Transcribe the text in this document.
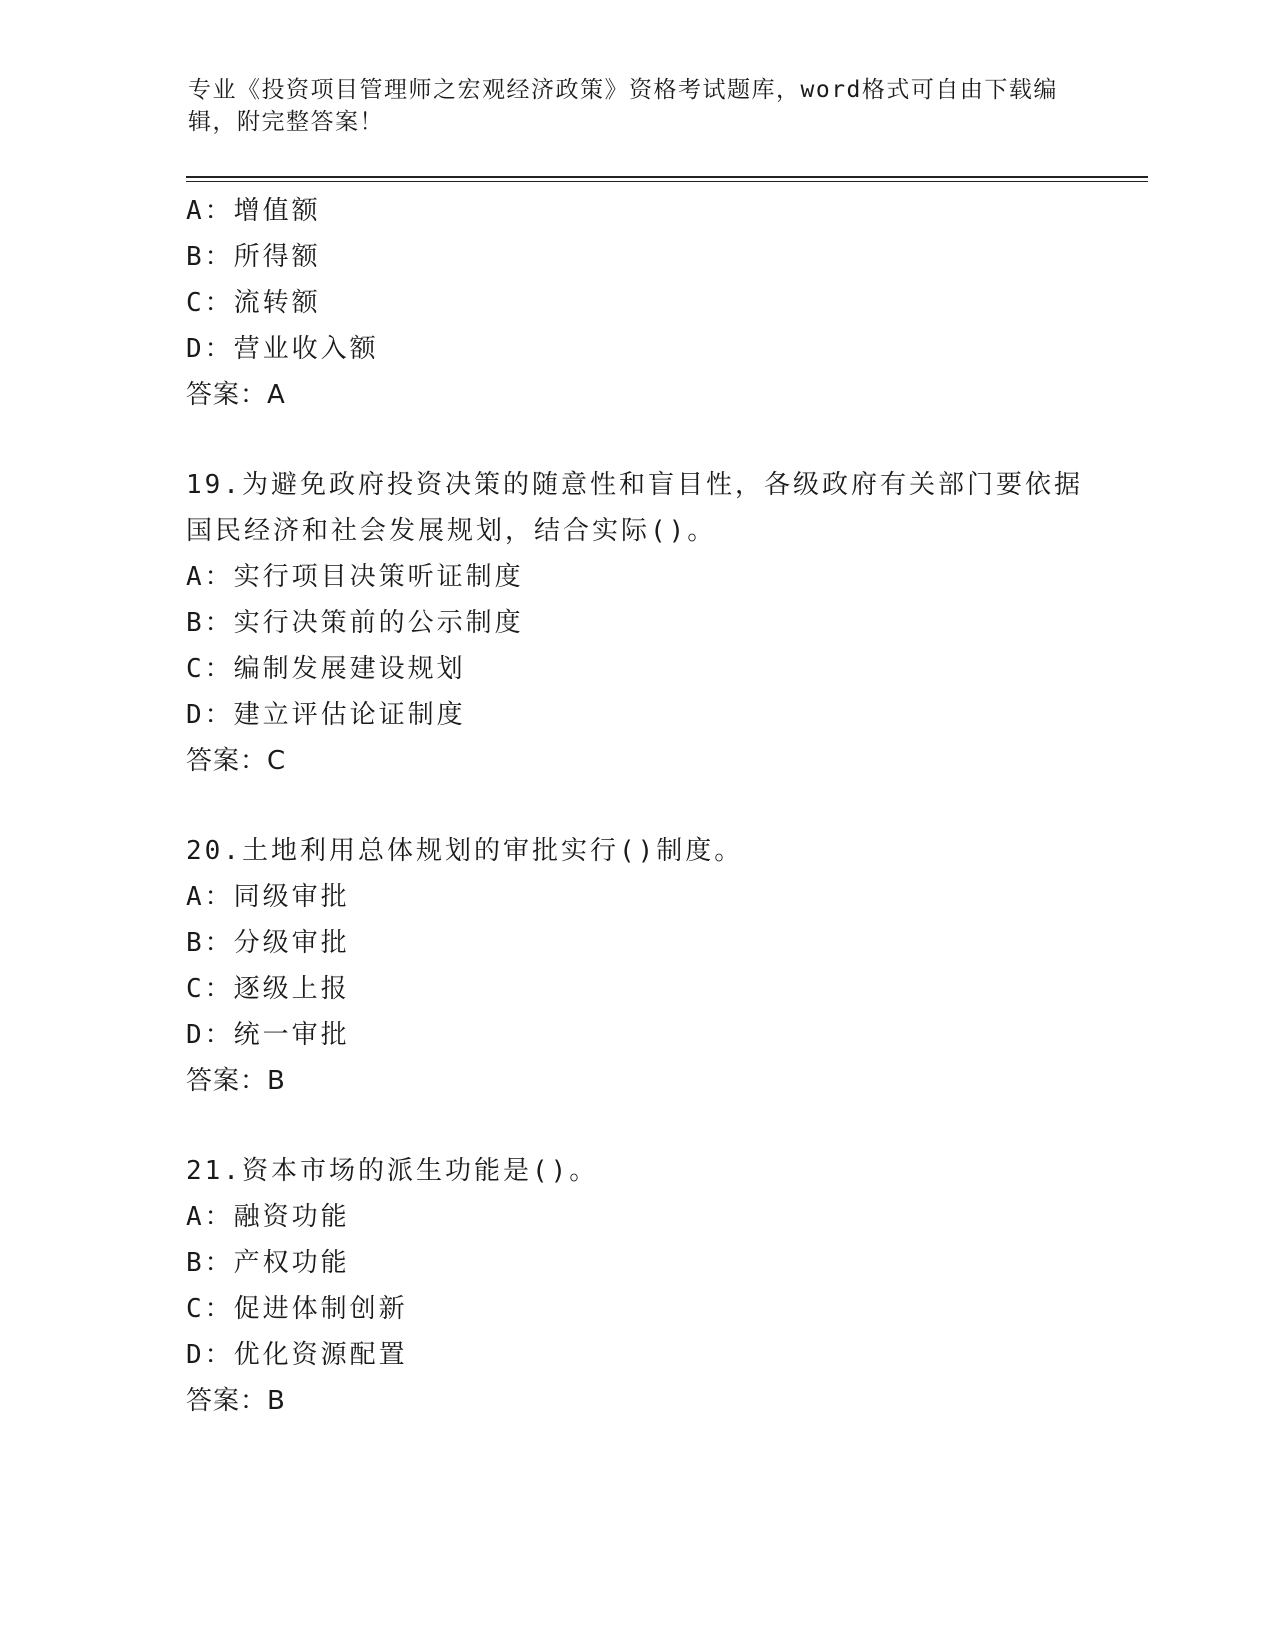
专业《投资项目管理师之宏观经济政策》资格考试题库，word格式可自由下载编
辑，附完整答案！
A：增值额
B：所得额
C：流转额
D：营业收入额
答案：A
19.为避免政府投资决策的随意性和盲目性，各级政府有关部门要依据
国民经济和社会发展规划，结合实际()。
A：实行项目决策听证制度
B：实行决策前的公示制度
C：编制发展建设规划
D：建立评估论证制度
答案：C
20.土地利用总体规划的审批实行()制度。
A：同级审批
B：分级审批
C：逐级上报
D：统一审批
答案：B
21.资本市场的派生功能是()。
A：融资功能
B：产权功能
C：促进体制创新
D：优化资源配置
答案：B
